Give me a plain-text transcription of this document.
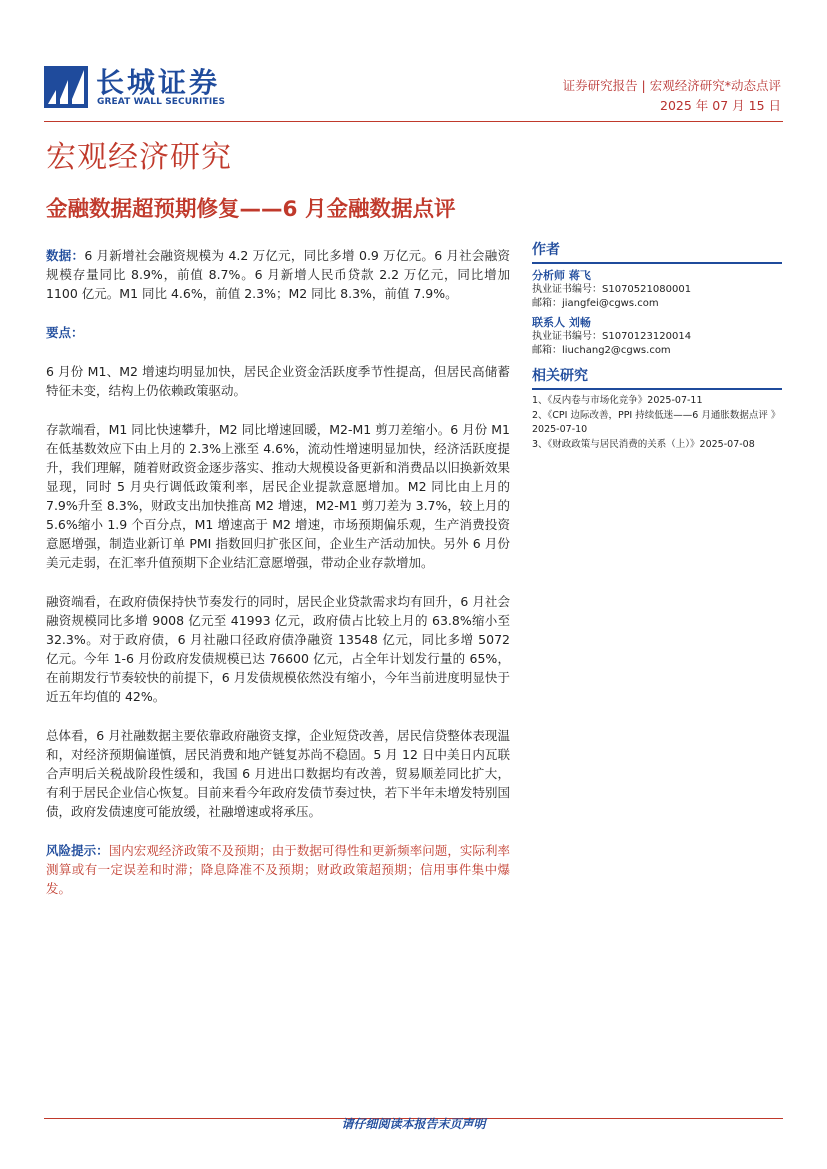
长城证券
GREAT WALL SECURITIES
证券研究报告 | 宏观经济研究*动态点评
2025 年 07 月 15 日
宏观经济研究
金融数据超预期修复——6 月金融数据点评

数据：6 月新增社会融资规模为 4.2 万亿元，同比多增 0.9 万亿元。6 月社会融资规模存量同比 8.9%，前值 8.7%。6 月新增人民币贷款 2.2 万亿元，同比增加 1100 亿元。M1 同比 4.6%，前值 2.3%；M2 同比 8.3%，前值 7.9%。

要点：

6 月份 M1、M2 增速均明显加快，居民企业资金活跃度季节性提高，但居民高储蓄特征未变，结构上仍依赖政策驱动。

存款端看，M1 同比快速攀升，M2 同比增速回暖，M2-M1 剪刀差缩小。6 月份 M1 在低基数效应下由上月的 2.3%上涨至 4.6%，流动性增速明显加快，经济活跃度提升，我们理解，随着财政资金逐步落实、推动大规模设备更新和消费品以旧换新效果显现，同时 5 月央行调低政策利率，居民企业提款意愿增加。M2 同比由上月的 7.9%升至 8.3%，财政支出加快推高 M2 增速，M2-M1 剪刀差为 3.7%，较上月的 5.6%缩小 1.9 个百分点，M1 增速高于 M2 增速，市场预期偏乐观，生产消费投资意愿增强，制造业新订单 PMI 指数回归扩张区间，企业生产活动加快。另外 6 月份美元走弱，在汇率升值预期下企业结汇意愿增强，带动企业存款增加。

融资端看，在政府债保持快节奏发行的同时，居民企业贷款需求均有回升，6 月社会融资规模同比多增 9008 亿元至 41993 亿元，政府债占比较上月的 63.8%缩小至 32.3%。对于政府债，6 月社融口径政府债净融资 13548 亿元，同比多增 5072 亿元。今年 1-6 月份政府发债规模已达 76600 亿元，占全年计划发行量的 65%，在前期发行节奏较快的前提下，6 月发债规模依然没有缩小，今年当前进度明显快于近五年均值的 42%。

总体看，6 月社融数据主要依靠政府融资支撑，企业短贷改善，居民信贷整体表现温和，对经济预期偏谨慎，居民消费和地产链复苏尚不稳固。5 月 12 日中美日内瓦联合声明后关税战阶段性缓和，我国 6 月进出口数据均有改善，贸易顺差同比扩大，有利于居民企业信心恢复。目前来看今年政府发债节奏过快，若下半年未增发特别国债，政府发债速度可能放缓，社融增速或将承压。

风险提示：国内宏观经济政策不及预期；由于数据可得性和更新频率问题，实际利率测算或有一定误差和时滞；降息降准不及预期；财政政策超预期；信用事件集中爆发。

作者
分析师 蒋飞
执业证书编号：S1070521080001
邮箱：jiangfei@cgws.com
联系人 刘畅
执业证书编号：S1070123120014
邮箱：liuchang2@cgws.com
相关研究
1、《反内卷与市场化竞争》2025-07-11
2、《CPI 边际改善，PPI 持续低迷——6 月通胀数据点评 》2025-07-10
3、《财政政策与居民消费的关系（上）》2025-07-08
请仔细阅读本报告末页声明
